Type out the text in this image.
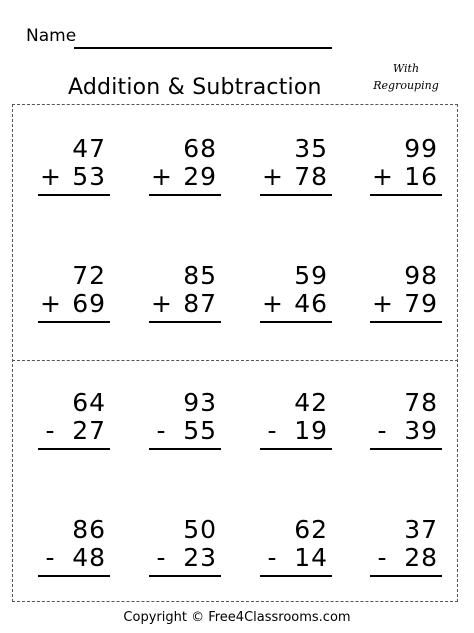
Name
Addition & Subtraction
With
Regrouping
47
+ 53
68
+ 29
35
+ 78
99
+ 16
72
+ 69
85
+ 87
59
+ 46
98
+ 79
64
- 27
93
- 55
42
- 19
78
- 39
86
- 48
50
- 23
62
- 14
37
- 28
Copyright © Free4Classrooms.com
